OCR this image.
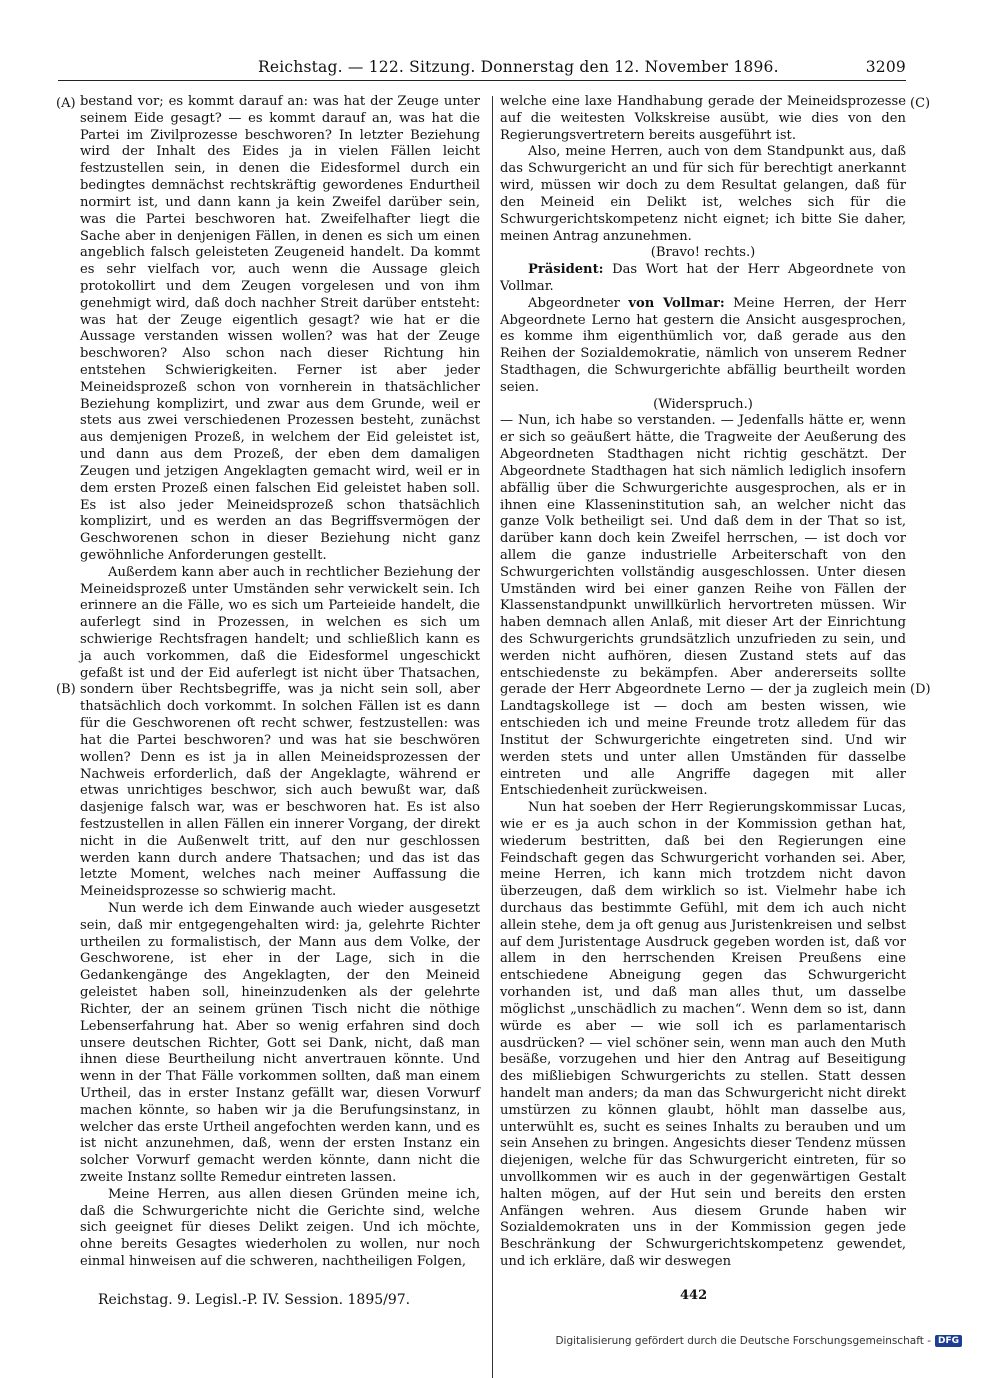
Reichstag. — 122. Sitzung. Donnerstag den 12. November 1896.	3209
(A)
(B)
(C)
(D)

bestand vor; es kommt darauf an: was hat der Zeuge unter seinem Eide gesagt? — es kommt darauf an, was hat die Partei im Zivilprozesse beschworen? In letzter Beziehung wird der Inhalt des Eides ja in vielen Fällen leicht festzustellen sein, in denen die Eidesformel durch ein bedingtes demnächst rechtskräftig gewordenes Endurtheil normirt ist, und dann kann ja kein Zweifel darüber sein, was die Partei beschworen hat. Zweifelhafter liegt die Sache aber in denjenigen Fällen, in denen es sich um einen angeblich falsch geleisteten Zeugeneid handelt. Da kommt es sehr vielfach vor, auch wenn die Aussage gleich protokollirt und dem Zeugen vorgelesen und von ihm genehmigt wird, daß doch nachher Streit darüber entsteht: was hat der Zeuge eigentlich gesagt? wie hat er die Aussage verstanden wissen wollen? was hat der Zeuge beschworen? Also schon nach dieser Richtung hin entstehen Schwierigkeiten. Ferner ist aber jeder Meineidsprozeß schon von vornherein in thatsächlicher Beziehung komplizirt, und zwar aus dem Grunde, weil er stets aus zwei verschiedenen Prozessen besteht, zunächst aus demjenigen Prozeß, in welchem der Eid geleistet ist, und dann aus dem Prozeß, der eben dem damaligen Zeugen und jetzigen Angeklagten gemacht wird, weil er in dem ersten Prozeß einen falschen Eid geleistet haben soll. Es ist also jeder Meineidsprozeß schon thatsächlich komplizirt, und es werden an das Begriffsvermögen der Geschworenen schon in dieser Beziehung nicht ganz gewöhnliche Anforderungen gestellt.

Außerdem kann aber auch in rechtlicher Beziehung der Meineidsprozeß unter Umständen sehr verwickelt sein. Ich erinnere an die Fälle, wo es sich um Parteieide handelt, die auferlegt sind in Prozessen, in welchen es sich um schwierige Rechtsfragen handelt; und schließlich kann es ja auch vorkommen, daß die Eidesformel ungeschickt gefaßt ist und der Eid auferlegt ist nicht über Thatsachen, sondern über Rechtsbegriffe, was ja nicht sein soll, aber thatsächlich doch vorkommt. In solchen Fällen ist es dann für die Geschworenen oft recht schwer, festzustellen: was hat die Partei beschworen? und was hat sie beschwören wollen? Denn es ist ja in allen Meineidsprozessen der Nachweis erforderlich, daß der Angeklagte, während er etwas unrichtiges beschwor, sich auch bewußt war, daß dasjenige falsch war, was er beschworen hat. Es ist also festzustellen in allen Fällen ein innerer Vorgang, der direkt nicht in die Außenwelt tritt, auf den nur geschlossen werden kann durch andere Thatsachen; und das ist das letzte Moment, welches nach meiner Auffassung die Meineidsprozesse so schwierig macht.

Nun werde ich dem Einwande auch wieder ausgesetzt sein, daß mir entgegengehalten wird: ja, gelehrte Richter urtheilen zu formalistisch, der Mann aus dem Volke, der Geschworene, ist eher in der Lage, sich in die Gedankengänge des Angeklagten, der den Meineid geleistet haben soll, hineinzudenken als der gelehrte Richter, der an seinem grünen Tisch nicht die nöthige Lebenserfahrung hat. Aber so wenig erfahren sind doch unsere deutschen Richter, Gott sei Dank, nicht, daß man ihnen diese Beurtheilung nicht anvertrauen könnte. Und wenn in der That Fälle vorkommen sollten, daß man einem Urtheil, das in erster Instanz gefällt war, diesen Vorwurf machen könnte, so haben wir ja die Berufungsinstanz, in welcher das erste Urtheil angefochten werden kann, und es ist nicht anzunehmen, daß, wenn der ersten Instanz ein solcher Vorwurf gemacht werden könnte, dann nicht die zweite Instanz sollte Remedur eintreten lassen.

Meine Herren, aus allen diesen Gründen meine ich, daß die Schwurgerichte nicht die Gerichte sind, welche sich geeignet für dieses Delikt zeigen. Und ich möchte, ohne bereits Gesagtes wiederholen zu wollen, nur noch einmal hinweisen auf die schweren, nachtheiligen Folgen,

welche eine laxe Handhabung gerade der Meineidsprozesse auf die weitesten Volkskreise ausübt, wie dies von den Regierungsvertretern bereits ausgeführt ist.

Also, meine Herren, auch von dem Standpunkt aus, daß das Schwurgericht an und für sich für berechtigt anerkannt wird, müssen wir doch zu dem Resultat gelangen, daß für den Meineid ein Delikt ist, welches sich für die Schwurgerichtskompetenz nicht eignet; ich bitte Sie daher, meinen Antrag anzunehmen.

(Bravo! rechts.)

Präsident: Das Wort hat der Herr Abgeordnete von Vollmar.

Abgeordneter von Vollmar: Meine Herren, der Herr Abgeordnete Lerno hat gestern die Ansicht ausgesprochen, es komme ihm eigenthümlich vor, daß gerade aus den Reihen der Sozialdemokratie, nämlich von unserem Redner Stadthagen, die Schwurgerichte abfällig beurtheilt worden seien.

(Widerspruch.)

— Nun, ich habe so verstanden. — Jedenfalls hätte er, wenn er sich so geäußert hätte, die Tragweite der Aeußerung des Abgeordneten Stadthagen nicht richtig geschätzt. Der Abgeordnete Stadthagen hat sich nämlich lediglich insofern abfällig über die Schwurgerichte ausgesprochen, als er in ihnen eine Klasseninstitution sah, an welcher nicht das ganze Volk betheiligt sei. Und daß dem in der That so ist, darüber kann doch kein Zweifel herrschen, — ist doch vor allem die ganze industrielle Arbeiterschaft von den Schwurgerichten vollständig ausgeschlossen. Unter diesen Umständen wird bei einer ganzen Reihe von Fällen der Klassenstandpunkt unwillkürlich hervortreten müssen. Wir haben demnach allen Anlaß, mit dieser Art der Einrichtung des Schwurgerichts grundsätzlich unzufrieden zu sein, und werden nicht aufhören, diesen Zustand stets auf das entschiedenste zu bekämpfen. Aber andererseits sollte gerade der Herr Abgeordnete Lerno — der ja zugleich mein Landtagskollege ist — doch am besten wissen, wie entschieden ich und meine Freunde trotz alledem für das Institut der Schwurgerichte eingetreten sind. Und wir werden stets und unter allen Umständen für dasselbe eintreten und alle Angriffe dagegen mit aller Entschiedenheit zurückweisen.

Nun hat soeben der Herr Regierungskommissar Lucas, wie er es ja auch schon in der Kommission gethan hat, wiederum bestritten, daß bei den Regierungen eine Feindschaft gegen das Schwurgericht vorhanden sei. Aber, meine Herren, ich kann mich trotzdem nicht davon überzeugen, daß dem wirklich so ist. Vielmehr habe ich durchaus das bestimmte Gefühl, mit dem ich auch nicht allein stehe, dem ja oft genug aus Juristenkreisen und selbst auf dem Juristentage Ausdruck gegeben worden ist, daß vor allem in den herrschenden Kreisen Preußens eine entschiedene Abneigung gegen das Schwurgericht vorhanden ist, und daß man alles thut, um dasselbe möglichst „unschädlich zu machen“. Wenn dem so ist, dann würde es aber — wie soll ich es parlamentarisch ausdrücken? — viel schöner sein, wenn man auch den Muth besäße, vorzugehen und hier den Antrag auf Beseitigung des mißliebigen Schwurgerichts zu stellen. Statt dessen handelt man anders; da man das Schwurgericht nicht direkt umstürzen zu können glaubt, höhlt man dasselbe aus, unterwühlt es, sucht es seines Inhalts zu berauben und um sein Ansehen zu bringen. Angesichts dieser Tendenz müssen diejenigen, welche für das Schwurgericht eintreten, für so unvollkommen wir es auch in der gegenwärtigen Gestalt halten mögen, auf der Hut sein und bereits den ersten Anfängen wehren. Aus diesem Grunde haben wir Sozialdemokraten uns in der Kommission gegen jede Beschränkung der Schwurgerichtskompetenz gewendet, und ich erkläre, daß wir deswegen

Reichstag. 9. Legisl.-P. IV. Session. 1895/97.	442
Digitalisierung gefördert durch die Deutsche Forschungsgemeinschaft - DFG
